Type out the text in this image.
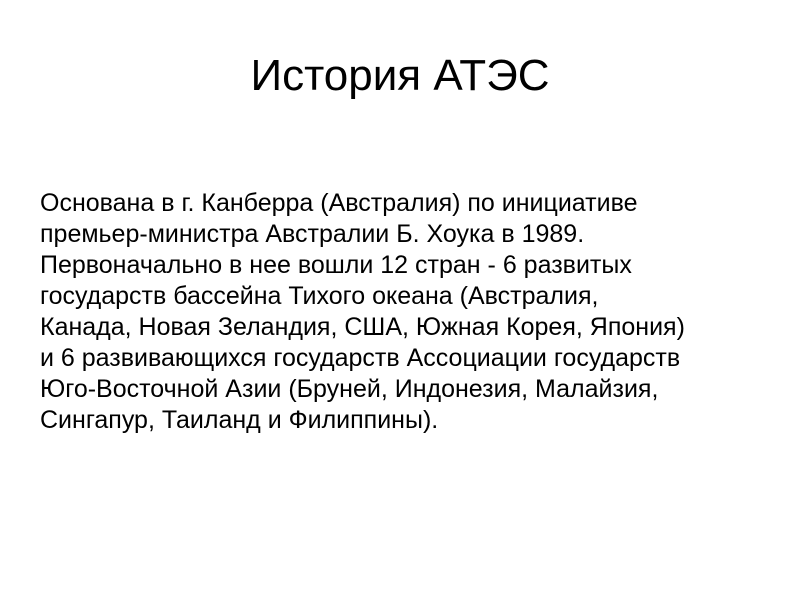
История АТЭС
Основана в г. Канберра (Австралия) по инициативе
премьер-министра Австралии Б. Хоука в 1989.
Первоначально в нее вошли 12 стран - 6 развитых
государств бассейна Тихого океана (Австралия,
Канада, Новая Зеландия, США, Южная Корея, Япония)
и 6 развивающихся государств Ассоциации государств
Юго-Восточной Азии (Бруней, Индонезия, Малайзия,
Сингапур, Таиланд и Филиппины).
